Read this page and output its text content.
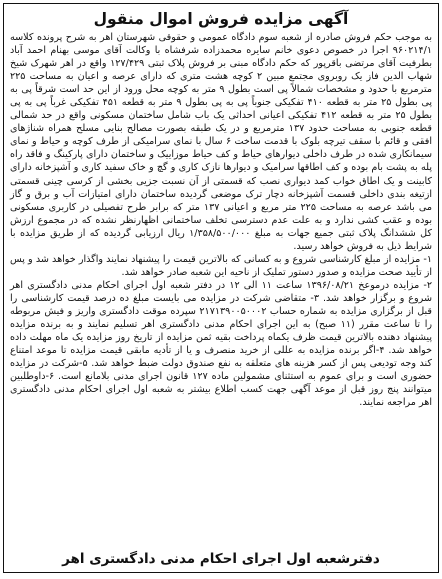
آگهی مزایده فروش اموال منقول

به موجب حکم فروش صادره از شعبه سوم دادگاه عمومی و حقوقی شهرستان اهر به شرح پرونده کلاسه ۹۶۰۲۱۴/۱ اجرا در خصوص دعوی خانم سایره محمدزاده شرفشاه با وکالت آقای موسی بهنام احمد آباد بطرفیت آقای مرتضی باقرپور که حکم دادگاه مبنی بر فروش پلاک ثبتی ۱۲۷/۴۲۹ واقع در اهر شهرک شیخ شهاب الدین فاز یک روبروی مجتمع مبین ۲ کوچه هشت متری که دارای عرصه و اعیان به مساحت ۲۲۵ مترمربع با حدود و مشخصات شمالاً پی است بطول ۹ متر به کوچه محل ورود از این حد است شرقاً پی به پی بطول ۲۵ متر به قطعه ۴۱۰ تفکیکی جنوباً پی به پی بطول ۹ متر به قطعه ۴۵۱ تفکیکی غرباً پی به پی بطول ۲۵ متر به قطعه ۴۱۲ تفکیکی اعیانی احداثی یک باب شامل ساختمان مسکونی واقع در حد شمالی قطعه جنوبی به مساحت حدود ۱۳۷ مترمربع و در یک طبقه بصورت مصالح بنایی مسلح همراه شناژهای افقی و قائم با سقف تیرچه بلوک با قدمت ساخت ۶ سال با نمای سرامیکی از طرف کوچه و حیاط و نمای سیمانکاری شده در طرف داخلی دیوارهای حیاط و کف حیاط موزاییک و ساختمان دارای پارکینگ و فاقد راه پله به پشت بام بوده و کف اطاقها سرامیک و دیوارها نازک کاری و گچ و خاک سفید کاری و آشپزخانه دارای کابینت و یک اطاق خواب کمد دیواری نصب که قسمتی از آن نسبت جزیی بخشی از کرسی چینی قسمتی ازتیغه بندی داخلی قسمت آشپزخانه دچار ترک موضعی گردیده ساختمان دارای امتیازات آب و برق و گاز می باشد عرصه به مساحت ۲۲۵ متر مربع و اعیانی ۱۳۷ متر که برابر طرح تفصیلی در کاربری مسکونی بوده و عقب کشی ندارد و به علت عدم دسترسی تخلف ساختمانی اظهارنظر نشده که در مجموع ارزش کل ششدانگ پلاک ثبتی جمیع جهات به مبلغ ۱/۳۵۸/۵۰۰/۰۰۰ ریال ارزیابی گردیده که از طریق مزایده با شرایط ذیل به فروش خواهد رسید.

۱- مزایده از مبلغ کارشناسی شروع و به کسانی که بالاترین قیمت را پیشنهاد نمایند واگذار خواهد شد و پس از تأیید صحت مزایده و صدور دستور تملیک از ناحیه این شعبه صادر خواهد شد.

۲- مزایده درموعخ ۱۳۹۶/۰۸/۲۱ ساعت ۱۱ الی ۱۲ در دفتر شعبه اول اجرای احکام مدنی دادگستری اهر شروع و برگزار خواهد شد. ۳- متقاضی شرکت در مزایده می بایست مبلغ ده درصد قیمت کارشناسی را قبل از برگزاری مزایده به شماره حساب ۲۱۷۱۳۹۰۰۵۰۰۰۲ سپرده موقت دادگستری واریز و فیش مربوطه را تا ساعت مقرر (۱۱ صبح) به این اجرای احکام مدنی دادگستری اهر تسلیم نمایند و به برنده مزایده پیشنهاد دهنده بالاترین قیمت ظرف یکماه پرداخت بقیه ثمن مزایده از تاریخ روز مزایده یک ماه مهلت داده خواهد شد. ۴-اگر برنده مزایده به عللی از خرید منصرف و یا از تأدیه مابقی قیمت مزایده تا موعد امتناع کند وجه تودیعی پس از کسر هزینه های متعلقه به نفع صندوق دولت ضبط خواهد شد. ۵-شرکت در مزایده حضوری است و برای عموم به استثنای مشمولین ماده ۱۲۷ قانون اجرای مدنی بلامانع است. ۶-داوطلبین میتوانند پنج روز قبل از موعد آگهی جهت کسب اطلاع بیشتر به شعبه اول اجرای احکام مدنی دادگستری اهر مراجعه نمایند.

دفترشعبه اول اجرای احکام مدنی دادگستری اهر
